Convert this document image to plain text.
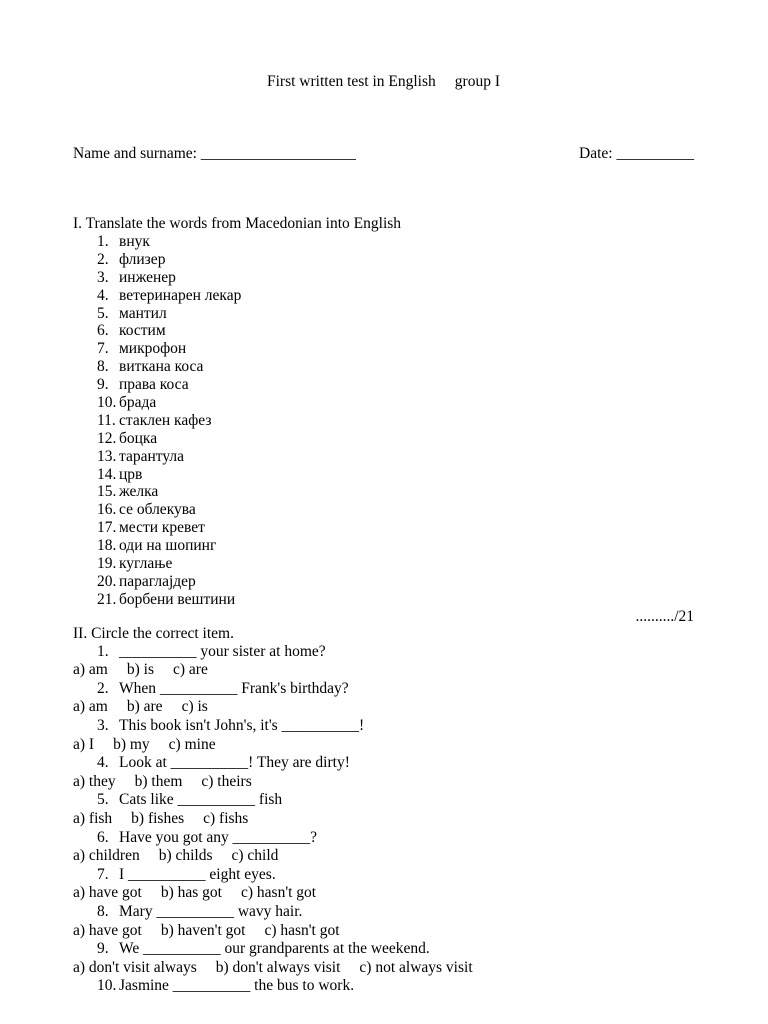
First written test in English group I
Name and surname: ____________________	Date: __________
I. Translate the words from Macedonian into English
1. внук
2. флизер
3. инженер
4. ветеринарен лекар
5. мантил
6. костим
7. микрофон
8. виткана коса
9. права коса
10. брада
11. стаклен кафез
12. боцка
13. тарантула
14. црв
15. желка
16. се облекува
17. мести кревет
18. оди на шопинг
19. куглање
20. параглајдер
21. борбени вештини
........../21
II. Circle the correct item.
1. __________ your sister at home?
a) am b) is c) are
2. When __________ Frank's birthday?
a) am b) are c) is
3. This book isn't John's, it's __________!
a) I b) my c) mine
4. Look at __________! They are dirty!
a) they b) them c) theirs
5. Cats like __________ fish
a) fish b) fishes c) fishs
6. Have you got any __________?
a) children b) childs c) child
7. I __________ eight eyes.
a) have got b) has got c) hasn't got
8. Mary __________ wavy hair.
a) have got b) haven't got c) hasn't got
9. We __________ our grandparents at the weekend.
a) don't visit always b) don't always visit c) not always visit
10. Jasmine __________ the bus to work.
